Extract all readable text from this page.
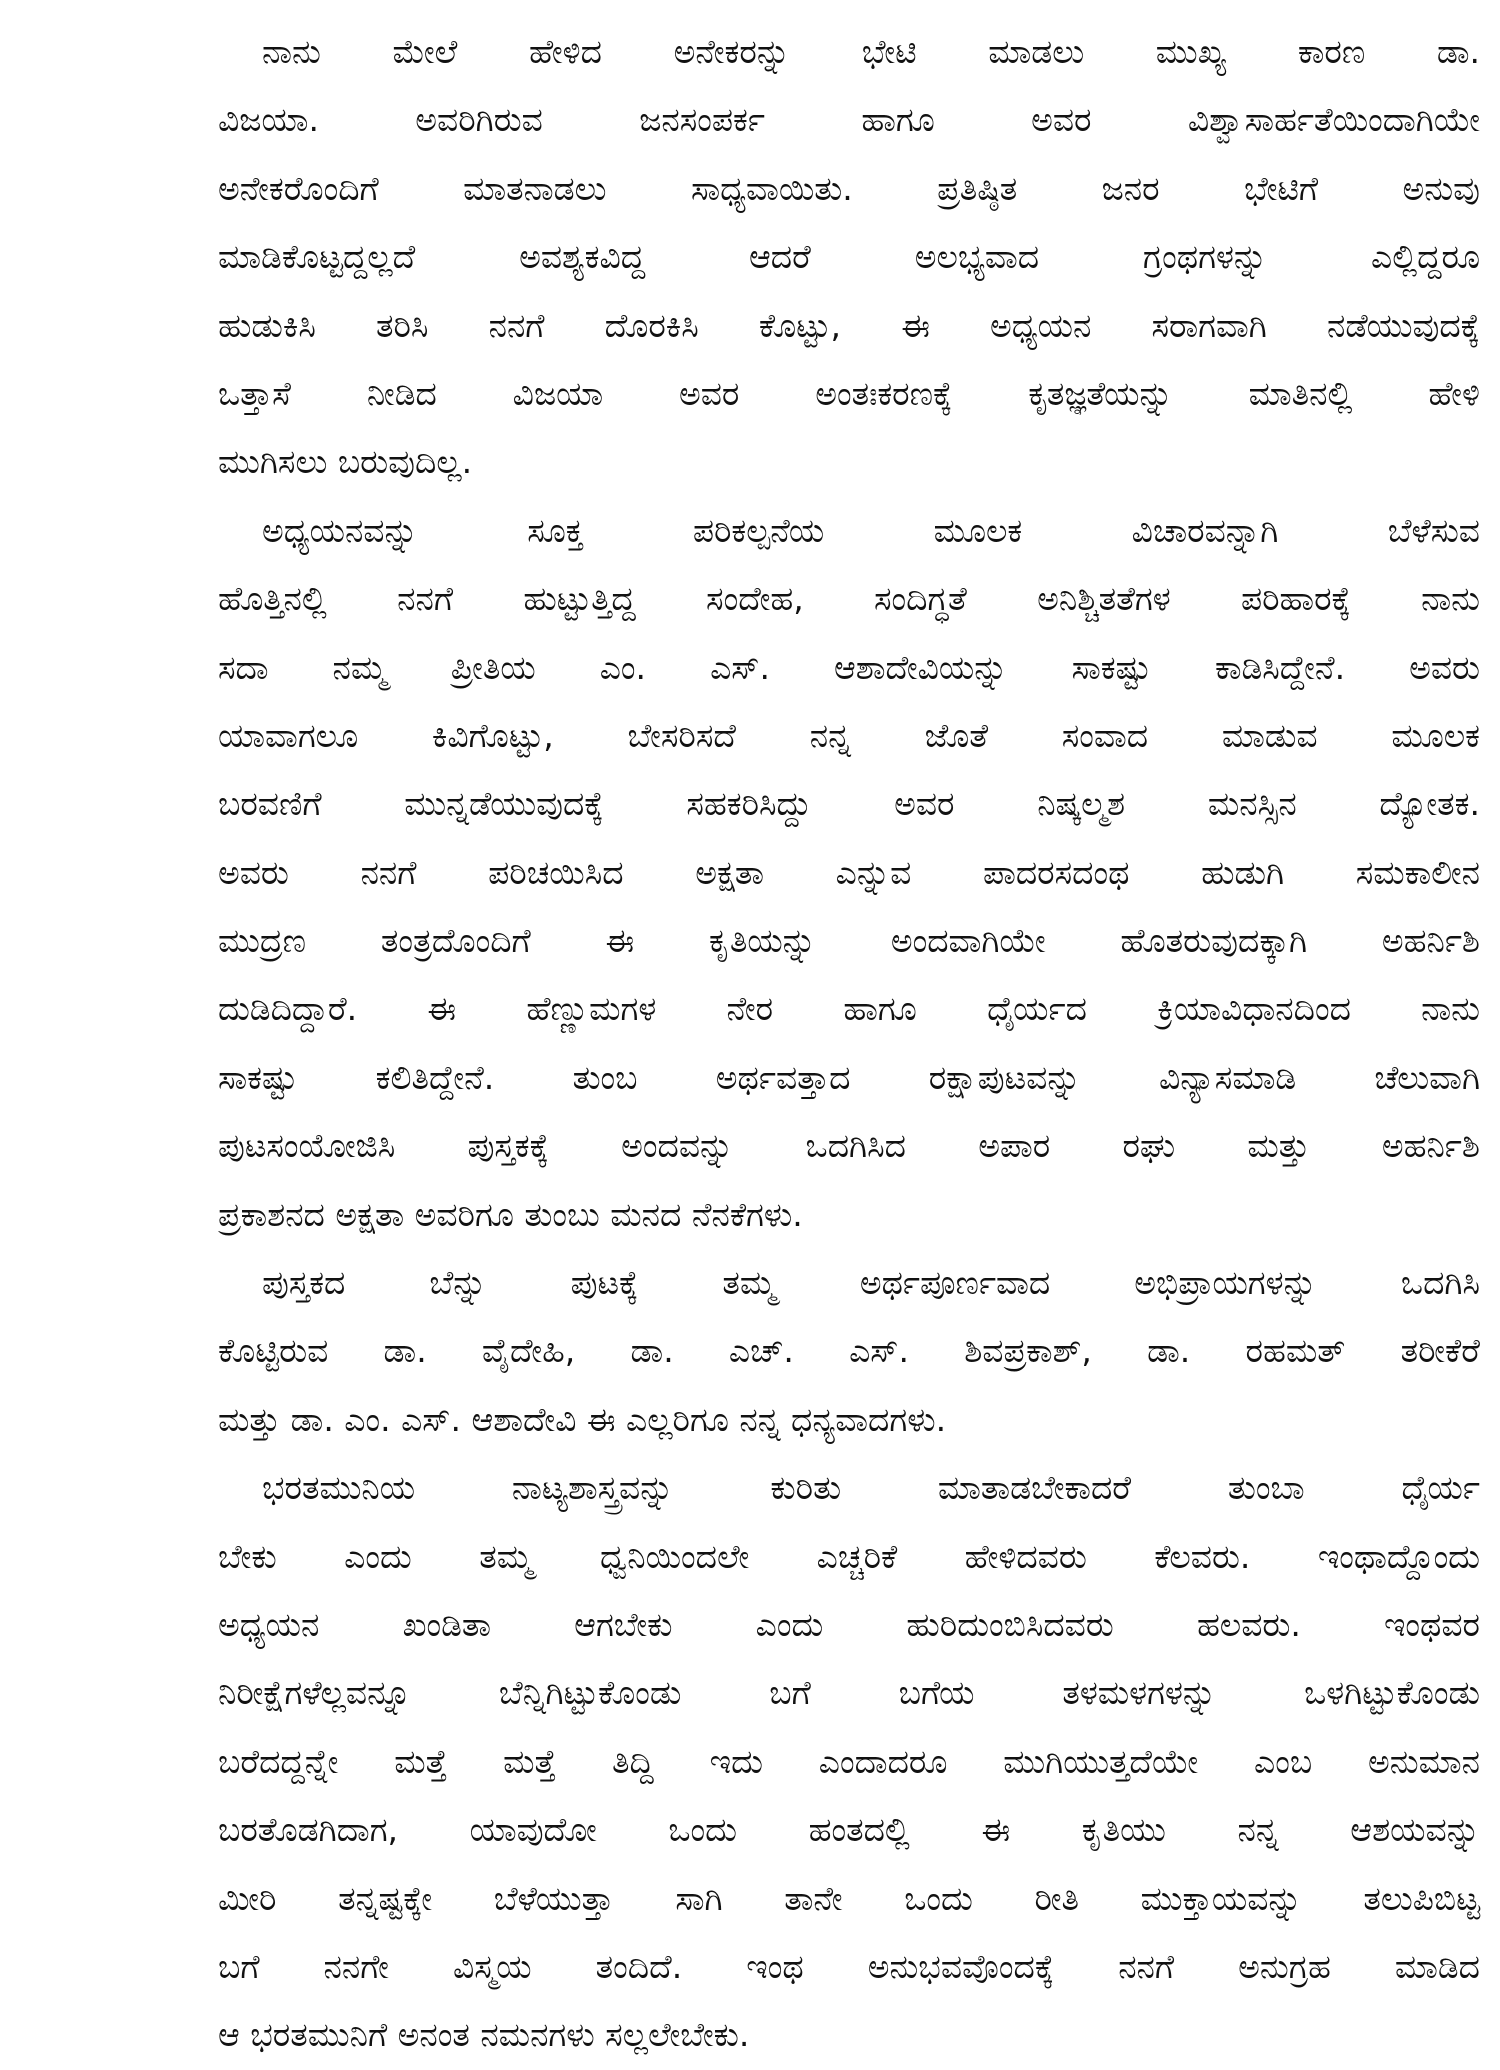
ನಾನು ಮೇಲೆ ಹೇಳಿದ ಅನೇಕರನ್ನು ಭೇಟಿ ಮಾಡಲು ಮುಖ್ಯ ಕಾರಣ ಡಾ.
ವಿಜಯಾ. ಅವರಿಗಿರುವ ಜನಸಂಪರ್ಕ ಹಾಗೂ ಅವರ ವಿಶ್ವಾಸಾರ್ಹತೆಯಿಂದಾಗಿಯೇ
ಅನೇಕರೊಂದಿಗೆ ಮಾತನಾಡಲು ಸಾಧ್ಯವಾಯಿತು. ಪ್ರತಿಷ್ಠಿತ ಜನರ ಭೇಟಿಗೆ ಅನುವು
ಮಾಡಿಕೊಟ್ಟದ್ದಲ್ಲದೆ ಅವಶ್ಯಕವಿದ್ದ ಆದರೆ ಅಲಭ್ಯವಾದ ಗ್ರಂಥಗಳನ್ನು ಎಲ್ಲಿದ್ದರೂ
ಹುಡುಕಿಸಿ ತರಿಸಿ ನನಗೆ ದೊರಕಿಸಿ ಕೊಟ್ಟು, ಈ ಅಧ್ಯಯನ ಸರಾಗವಾಗಿ ನಡೆಯುವುದಕ್ಕೆ
ಒತ್ತಾಸೆ ನೀಡಿದ ವಿಜಯಾ ಅವರ ಅಂತಃಕರಣಕ್ಕೆ ಕೃತಜ್ಞತೆಯನ್ನು ಮಾತಿನಲ್ಲಿ ಹೇಳಿ
ಮುಗಿಸಲು ಬರುವುದಿಲ್ಲ.
ಅಧ್ಯಯನವನ್ನು ಸೂಕ್ತ ಪರಿಕಲ್ಪನೆಯ ಮೂಲಕ ವಿಚಾರವನ್ನಾಗಿ ಬೆಳೆಸುವ
ಹೊತ್ತಿನಲ್ಲಿ ನನಗೆ ಹುಟ್ಟುತ್ತಿದ್ದ ಸಂದೇಹ, ಸಂದಿಗ್ಧತೆ ಅನಿಶ್ಚಿತತೆಗಳ ಪರಿಹಾರಕ್ಕೆ ನಾನು
ಸದಾ ನಮ್ಮ ಪ್ರೀತಿಯ ಎಂ. ಎಸ್. ಆಶಾದೇವಿಯನ್ನು ಸಾಕಷ್ಟು ಕಾಡಿಸಿದ್ದೇನೆ. ಅವರು
ಯಾವಾಗಲೂ ಕಿವಿಗೊಟ್ಟು, ಬೇಸರಿಸದೆ ನನ್ನ ಜೊತೆ ಸಂವಾದ ಮಾಡುವ ಮೂಲಕ
ಬರವಣಿಗೆ ಮುನ್ನಡೆಯುವುದಕ್ಕೆ ಸಹಕರಿಸಿದ್ದು ಅವರ ನಿಷ್ಕಲ್ಮಶ ಮನಸ್ಸಿನ ದ್ಯೋತಕ.
ಅವರು ನನಗೆ ಪರಿಚಯಿಸಿದ ಅಕ್ಷತಾ ಎನ್ನುವ ಪಾದರಸದಂಥ ಹುಡುಗಿ ಸಮಕಾಲೀನ
ಮುದ್ರಣ ತಂತ್ರದೊಂದಿಗೆ ಈ ಕೃತಿಯನ್ನು ಅಂದವಾಗಿಯೇ ಹೊತರುವುದಕ್ಕಾಗಿ ಅಹರ್ನಿಶಿ
ದುಡಿದಿದ್ದಾರೆ. ಈ ಹೆಣ್ಣುಮಗಳ ನೇರ ಹಾಗೂ ಧೈರ್ಯದ ಕ್ರಿಯಾವಿಧಾನದಿಂದ ನಾನು
ಸಾಕಷ್ಟು ಕಲಿತಿದ್ದೇನೆ. ತುಂಬ ಅರ್ಥವತ್ತಾದ ರಕ್ಷಾಪುಟವನ್ನು ವಿನ್ಯಾಸಮಾಡಿ ಚೆಲುವಾಗಿ
ಪುಟಸಂಯೋಜಿಸಿ ಪುಸ್ತಕಕ್ಕೆ ಅಂದವನ್ನು ಒದಗಿಸಿದ ಅಪಾರ ರಘು ಮತ್ತು ಅಹರ್ನಿಶಿ
ಪ್ರಕಾಶನದ ಅಕ್ಷತಾ ಅವರಿಗೂ ತುಂಬು ಮನದ ನೆನಕೆಗಳು.
ಪುಸ್ತಕದ ಬೆನ್ನು ಪುಟಕ್ಕೆ ತಮ್ಮ ಅರ್ಥಪೂರ್ಣವಾದ ಅಭಿಪ್ರಾಯಗಳನ್ನು ಒದಗಿಸಿ
ಕೊಟ್ಟಿರುವ ಡಾ. ವೈದೇಹಿ, ಡಾ. ಎಚ್. ಎಸ್. ಶಿವಪ್ರಕಾಶ್, ಡಾ. ರಹಮತ್ ತರೀಕೆರೆ
ಮತ್ತು ಡಾ. ಎಂ. ಎಸ್. ಆಶಾದೇವಿ ಈ ಎಲ್ಲರಿಗೂ ನನ್ನ ಧನ್ಯವಾದಗಳು.
ಭರತಮುನಿಯ ನಾಟ್ಯಶಾಸ್ತ್ರವನ್ನು ಕುರಿತು ಮಾತಾಡಬೇಕಾದರೆ ತುಂಬಾ ಧೈರ್ಯ
ಬೇಕು ಎಂದು ತಮ್ಮ ಧ್ವನಿಯಿಂದಲೇ ಎಚ್ಚರಿಕೆ ಹೇಳಿದವರು ಕೆಲವರು. ಇಂಥಾದ್ದೊಂದು
ಅಧ್ಯಯನ ಖಂಡಿತಾ ಆಗಬೇಕು ಎಂದು ಹುರಿದುಂಬಿಸಿದವರು ಹಲವರು. ಇಂಥವರ
ನಿರೀಕ್ಷೆಗಳೆಲ್ಲವನ್ನೂ ಬೆನ್ನಿಗಿಟ್ಟುಕೊಂಡು ಬಗೆ ಬಗೆಯ ತಳಮಳಗಳನ್ನು ಒಳಗಿಟ್ಟುಕೊಂಡು
ಬರೆದದ್ದನ್ನೇ ಮತ್ತೆ ಮತ್ತೆ ತಿದ್ದಿ ಇದು ಎಂದಾದರೂ ಮುಗಿಯುತ್ತದೆಯೇ ಎಂಬ ಅನುಮಾನ
ಬರತೊಡಗಿದಾಗ, ಯಾವುದೋ ಒಂದು ಹಂತದಲ್ಲಿ ಈ ಕೃತಿಯು ನನ್ನ ಆಶಯವನ್ನು
ಮೀರಿ ತನ್ನಷ್ಟಕ್ಕೇ ಬೆಳೆಯುತ್ತಾ ಸಾಗಿ ತಾನೇ ಒಂದು ರೀತಿ ಮುಕ್ತಾಯವನ್ನು ತಲುಪಿಬಿಟ್ಟ
ಬಗೆ ನನಗೇ ವಿಸ್ಮಯ ತಂದಿದೆ. ಇಂಥ ಅನುಭವವೊಂದಕ್ಕೆ ನನಗೆ ಅನುಗ್ರಹ ಮಾಡಿದ
ಆ ಭರತಮುನಿಗೆ ಅನಂತ ನಮನಗಳು ಸಲ್ಲಲೇಬೇಕು.
